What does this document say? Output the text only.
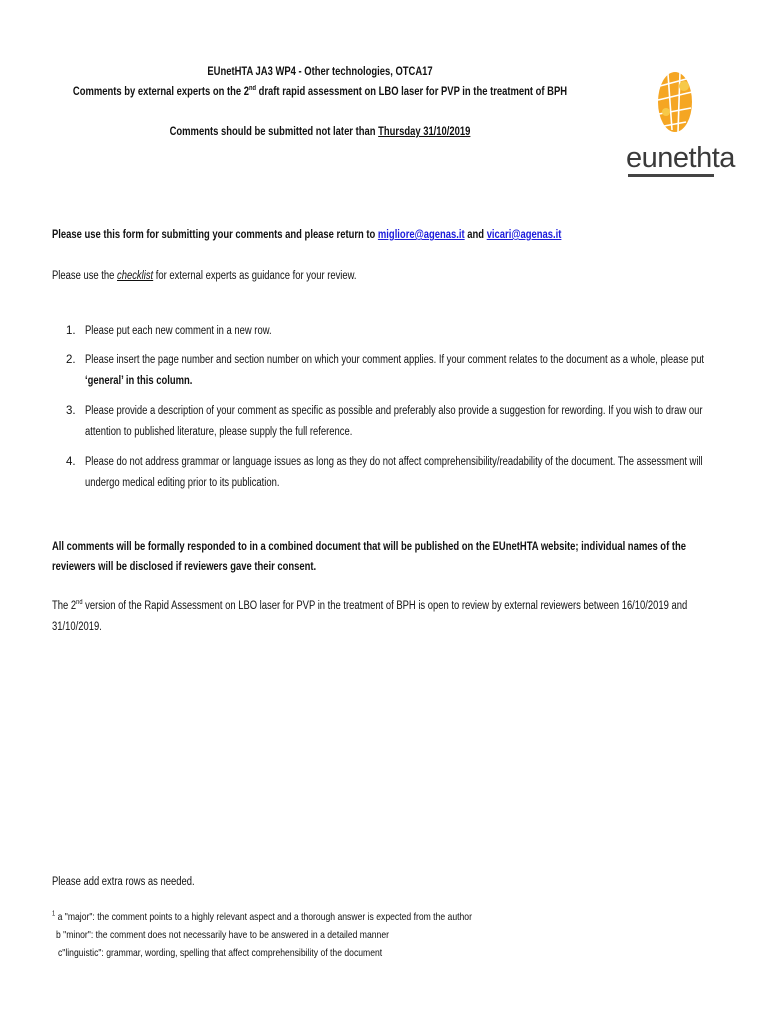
EUnetHTA JA3 WP4 - Other technologies, OTCA17
Comments by external experts on the 2nd draft rapid assessment on LBO laser for PVP in the treatment of BPH
Comments should be submitted not later than Thursday 31/10/2019
eunethta
Please use this form for submitting your comments and please return to migliore@agenas.it and vicari@agenas.it
Please use the checklist for external experts as guidance for your review.
1. Please put each new comment in a new row.
2. Please insert the page number and section number on which your comment applies. If your comment relates to the document as a whole, please put
‘general’ in this column.
3. Please provide a description of your comment as specific as possible and preferably also provide a suggestion for rewording. If you wish to draw our
attention to published literature, please supply the full reference.
4. Please do not address grammar or language issues as long as they do not affect comprehensibility/readability of the document. The assessment will
undergo medical editing prior to its publication.
All comments will be formally responded to in a combined document that will be published on the EUnetHTA website; individual names of the
reviewers will be disclosed if reviewers gave their consent.
The 2nd version of the Rapid Assessment on LBO laser for PVP in the treatment of BPH is open to review by external reviewers between 16/10/2019 and
31/10/2019.
Please add extra rows as needed.
$^1$ a "major": the comment points to a highly relevant aspect and a thorough answer is expected from the author
b "minor": the comment does not necessarily have to be answered in a detailed manner
c"linguistic": grammar, wording, spelling that affect comprehensibility of the document
